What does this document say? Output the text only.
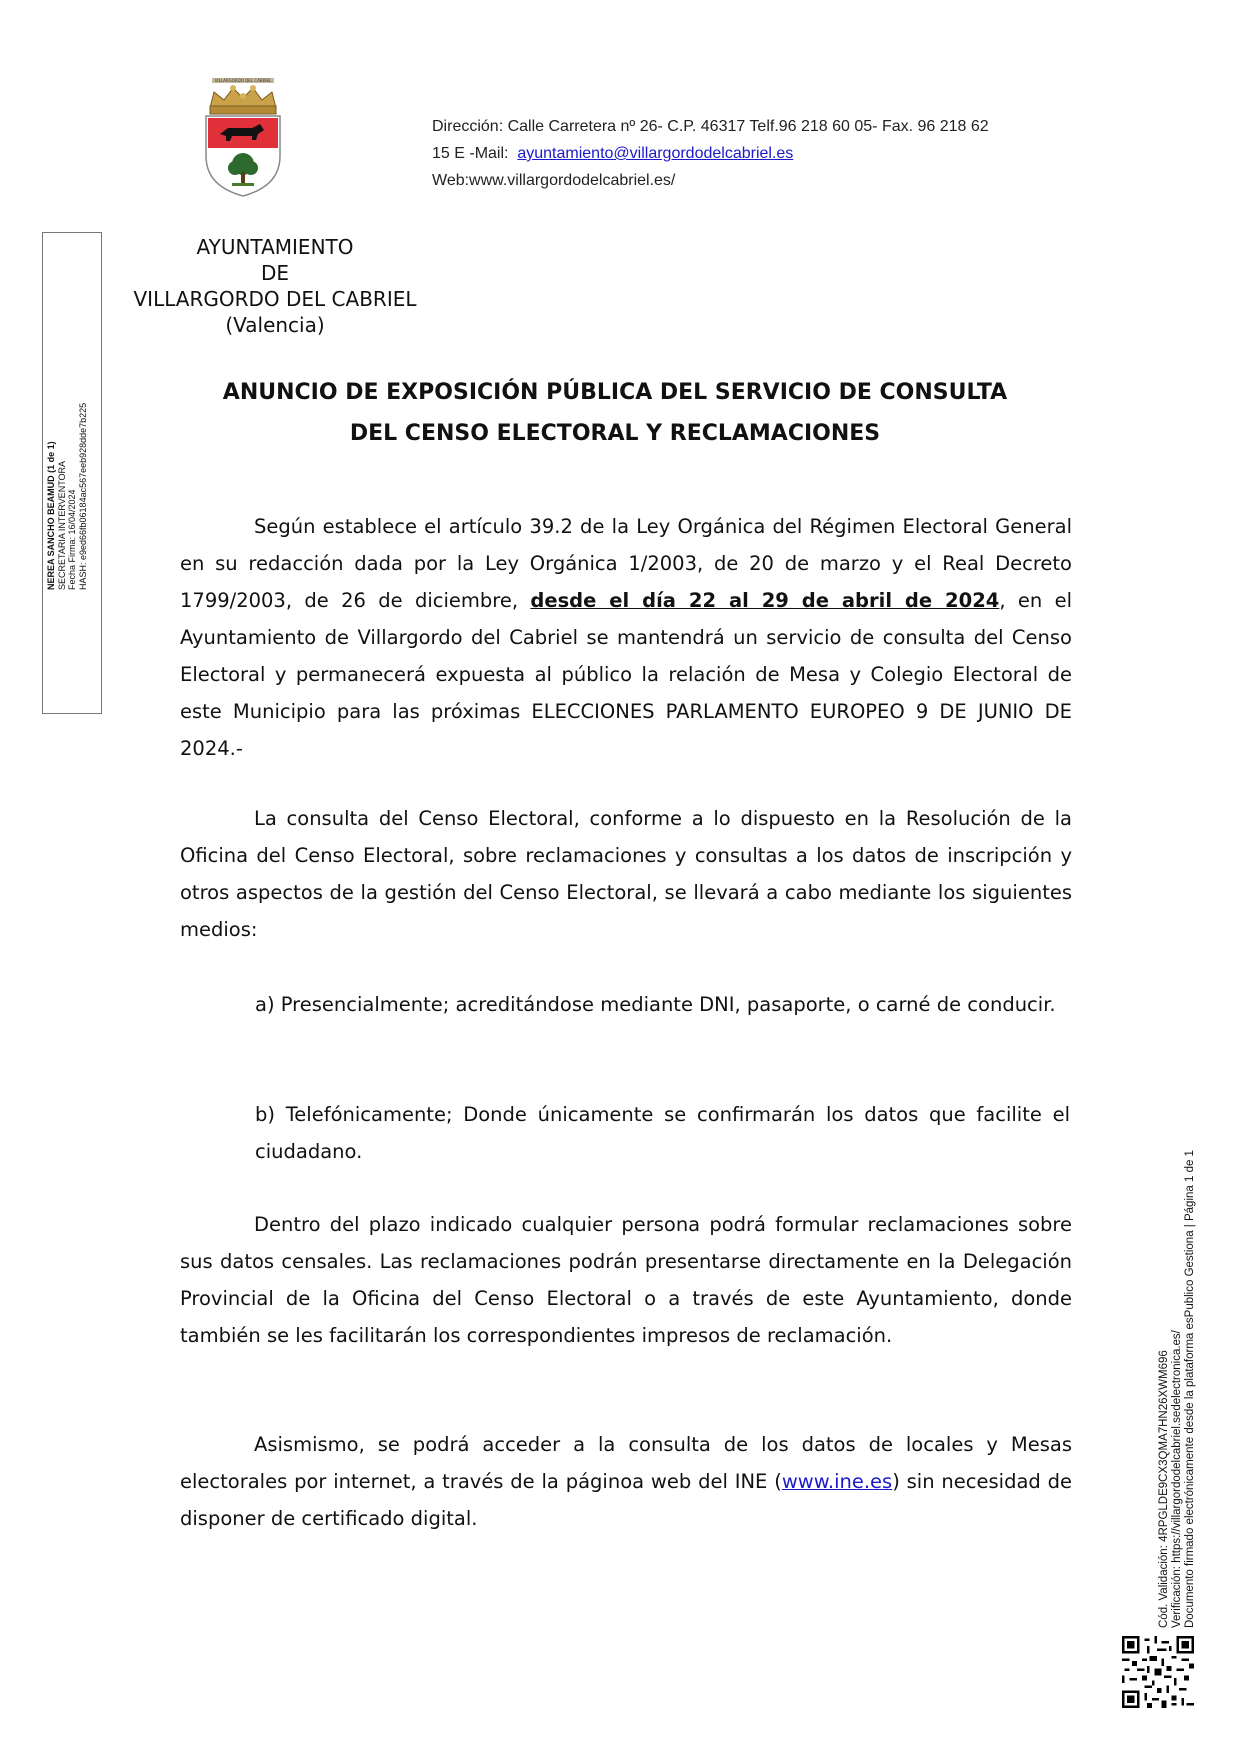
VILLARGORDO DEL CABRIEL
Dirección: Calle Carretera nº 26- C.P. 46317 Telf.96 218 60 05- Fax. 96 218 62
15 E -Mail:  ayuntamiento@villargordodelcabriel.es
Web:www.villargordodelcabriel.es/
AYUNTAMIENTO
DE
VILLARGORDO DEL CABRIEL
(Valencia)
NEREA SANCHO BEAMUD (1 de 1) SECRETARIA INTERVENTORA Fecha Firma: 16/04/2024 HASH: e9ed66fb06184ac567eeb928dde7b225
ANUNCIO DE EXPOSICIÓN PÚBLICA DEL SERVICIO DE CONSULTA
DEL CENSO ELECTORAL Y RECLAMACIONES
Según establece el artículo 39.2 de la Ley Orgánica del Régimen Electoral General en su redacción dada por la Ley Orgánica 1/2003, de 20 de marzo y el Real Decreto 1799/2003, de 26 de diciembre, desde el día 22 al 29 de abril de 2024, en el Ayuntamiento de Villargordo del Cabriel se mantendrá un servicio de consulta del Censo Electoral y permanecerá expuesta al público la relación de Mesa y Colegio Electoral de este Municipio para las próximas ELECCIONES PARLAMENTO EUROPEO 9 DE JUNIO DE 2024.-
La consulta del Censo Electoral, conforme a lo dispuesto en la Resolución de la Oficina del Censo Electoral, sobre reclamaciones y consultas a los datos de inscripción y otros aspectos de la gestión del Censo Electoral, se llevará a cabo mediante los siguientes medios:
a) Presencialmente; acreditándose mediante DNI, pasaporte, o carné de conducir.
b) Telefónicamente; Donde únicamente se confirmarán los datos que facilite el ciudadano.
Dentro del plazo indicado cualquier persona podrá formular reclamaciones sobre sus datos censales. Las reclamaciones podrán presentarse directamente en la Delegación Provincial de la Oficina del Censo Electoral o a través de este Ayuntamiento, donde también se les facilitarán los correspondientes impresos de reclamación.
Asismismo, se podrá acceder a la consulta de los datos de locales y Mesas electorales por internet, a través de la páginoa web del INE (www.ine.es) sin necesidad de disponer de certificado digital.	Cód. Validación: 4RPGLDE9CX3QMA7HN26XWM696 Verificación: https://villargordodelcabriel.sedelectronica.es/ Documento firmado electrónicamente desde la plataforma esPublico Gestiona | Página 1 de 1
